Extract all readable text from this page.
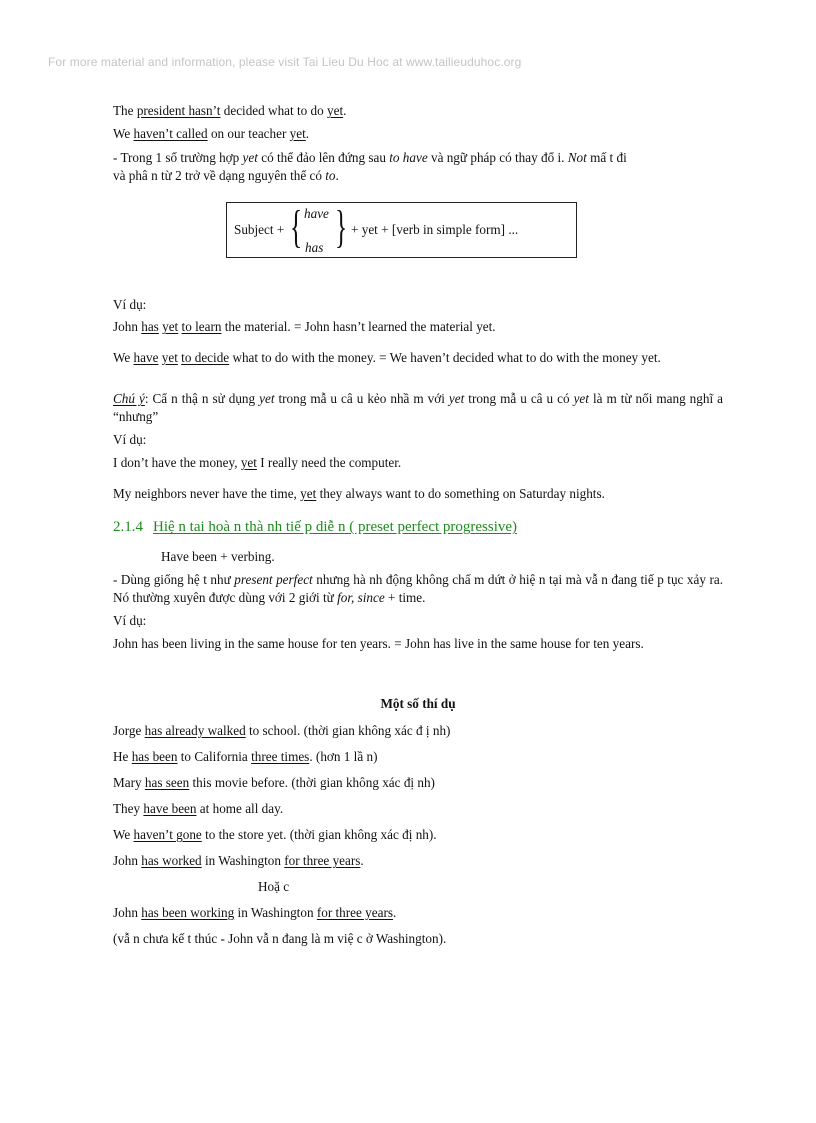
For more material and information, please visit Tai Lieu Du Hoc at www.tailieuduhoc.org
The president hasn’t decided what to do yet.
We haven’t called on our teacher yet.
- Trong 1 số trường hợp yet có thể đảo lên đứng sau to have và ngữ pháp có thay đổ i. Not mấ t đi
và phâ n từ 2 trở về dạng nguyên thể có to.
Subject + { have
has } + yet + [verb in simple form] ...
Ví dụ:
John has yet to learn the material. = John hasn’t learned the material yet.
We have yet to decide what to do with the money. = We haven’t decided what to do with the money yet.
Chú ý: Cẩ n thậ n sử dụng yet trong mẫ u câ u kẻo nhầ m với yet trong mẫ u câ u có yet là m từ nối mang nghĩ a “nhưng”
Ví dụ:
I don’t have the money, yet I really need the computer.
My neighbors never have the time, yet they always want to do something on Saturday nights.
2.1.4 Hiệ n tai hoà n thà nh tiế p diễ n ( preset perfect progressive)
Have been + verbing.
- Dùng giống hệ t như present perfect nhưng hà nh động không chấ m dứt ở hiệ n tại mà vẫ n đang tiế p tục xảy ra. Nó thường xuyên được dùng với 2 giới từ for, since + time.
Ví dụ:
John has been living in the same house for ten years. = John has live in the same house for ten years.
Một số thí dụ
Jorge has already walked to school. (thời gian không xác đ ị nh)
He has been to California three times. (hơn 1 lầ n)
Mary has seen this movie before. (thời gian không xác đị nh)
They have been at home all day.
We haven’t gone to the store yet. (thời gian không xác đị nh).
John has worked in Washington for three years.
Hoặ c
John has been working in Washington for three years.
(vẫ n chưa kế t thúc - John vẫ n đang là m việ c ở Washington).
